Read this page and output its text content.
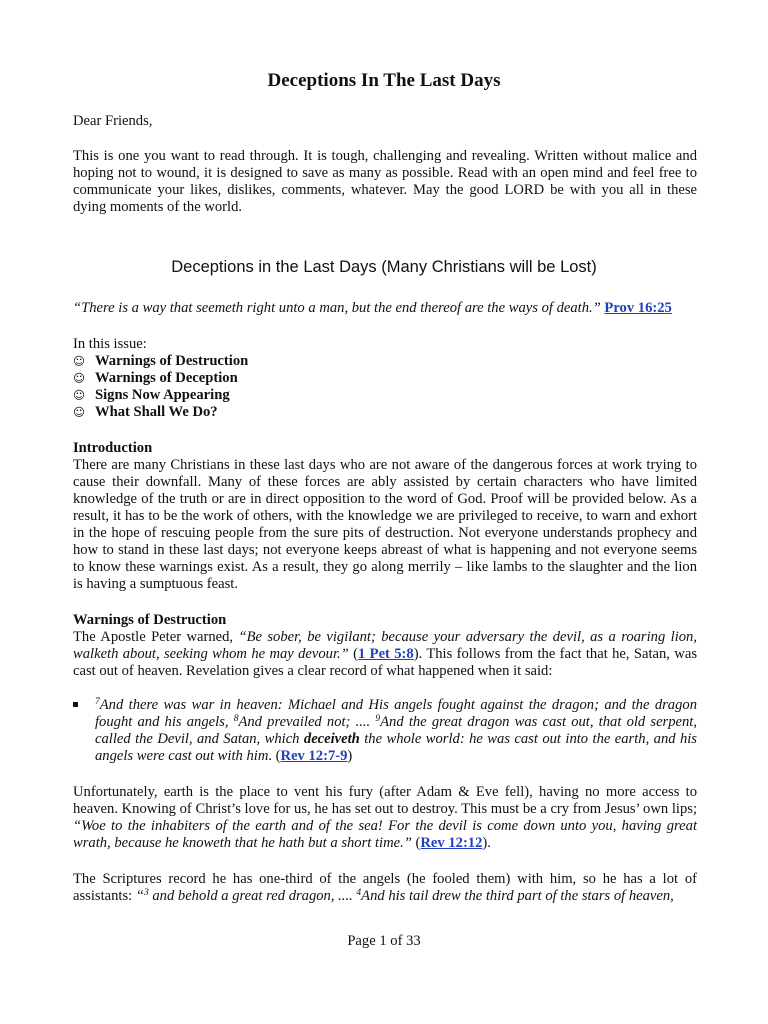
Deceptions In The Last Days
Dear Friends,
This is one you want to read through. It is tough, challenging and revealing. Written without malice and hoping not to wound, it is designed to save as many as possible. Read with an open mind and feel free to communicate your likes, dislikes, comments, whatever. May the good LORD be with you all in these dying moments of the world.
Deceptions in the Last Days (Many Christians will be Lost)
“There is a way that seemeth right unto a man, but the end thereof are the ways of death.” Prov 16:25
In this issue:
☺ Warnings of Destruction
☺ Warnings of Deception
☺ Signs Now Appearing
☺ What Shall We Do?
Introduction
There are many Christians in these last days who are not aware of the dangerous forces at work trying to cause their downfall. Many of these forces are ably assisted by certain characters who have limited knowledge of the truth or are in direct opposition to the word of God. Proof will be provided below. As a result, it has to be the work of others, with the knowledge we are privileged to receive, to warn and exhort in the hope of rescuing people from the sure pits of destruction. Not everyone understands prophecy and how to stand in these last days; not everyone keeps abreast of what is happening and not everyone seems to know these warnings exist. As a result, they go along merrily – like lambs to the slaughter and the lion is having a sumptuous feast.
Warnings of Destruction
The Apostle Peter warned, “Be sober, be vigilant; because your adversary the devil, as a roaring lion, walketh about, seeking whom he may devour.” (1 Pet 5:8). This follows from the fact that he, Satan, was cast out of heaven. Revelation gives a clear record of what happened when it said:
$^7$And there was war in heaven: Michael and His angels fought against the dragon; and the dragon fought and his angels, $^8$And prevailed not; .... $^9$And the great dragon was cast out, that old serpent, called the Devil, and Satan, which deceiveth the whole world: he was cast out into the earth, and his angels were cast out with him. (Rev 12:7-9)
Unfortunately, earth is the place to vent his fury (after Adam & Eve fell), having no more access to heaven. Knowing of Christ’s love for us, he has set out to destroy. This must be a cry from Jesus’ own lips; “Woe to the inhabiters of the earth and of the sea! For the devil is come down unto you, having great wrath, because he knoweth that he hath but a short time.” (Rev 12:12).
The Scriptures record he has one-third of the angels (he fooled them) with him, so he has a lot of assistants: “$^3$ and behold a great red dragon, .... $^4$And his tail drew the third part of the stars of heaven,
Page 1 of 33
